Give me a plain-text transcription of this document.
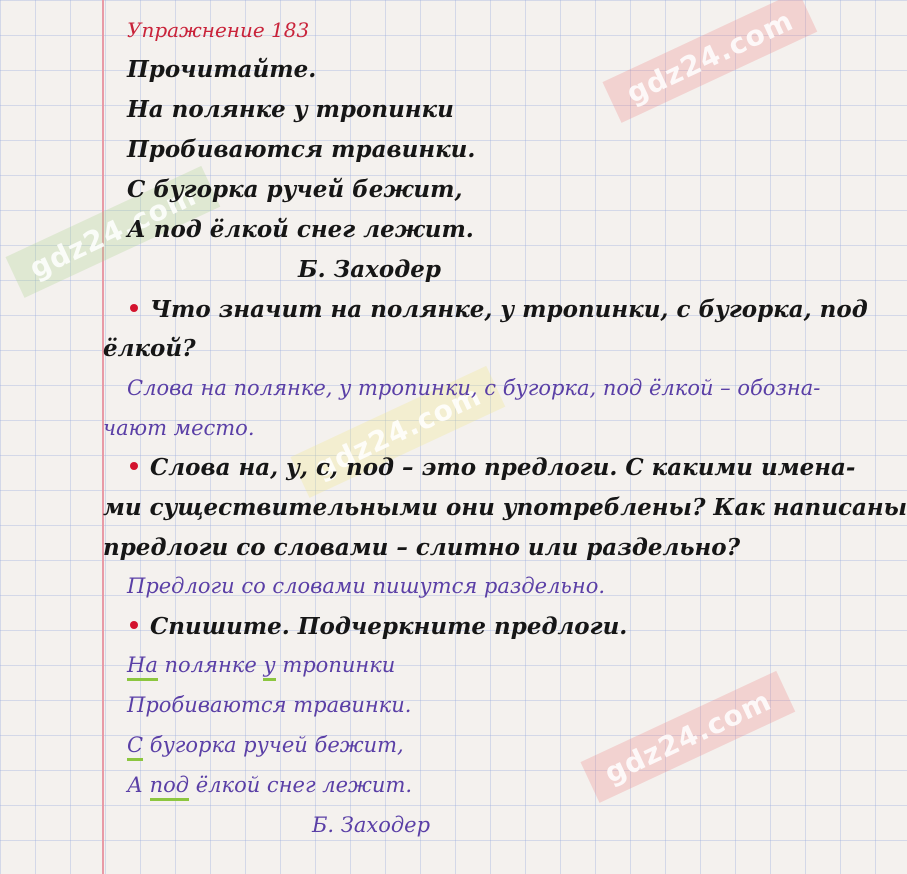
gdz24.com
gdz24.com
gdz24.com
gdz24.com
Упражнение 183
Прочитайте.
На полянке у тропинки
Пробиваются травинки.
С бугорка ручей бежит,
А под ёлкой снег лежит.
Б. Заходер
Что значит на полянке, у тропинки, с бугорка, под
ёлкой?
Слова на полянке, у тропинки, с бугорка, под ёлкой – обозна-
чают место.
Слова на, у, с, под – это предлоги. С какими имена-
ми существительными они употреблены? Как написаны
предлоги со словами – слитно или раздельно?
Предлоги со словами пишутся раздельно.
Спишите. Подчеркните предлоги.
На полянке у тропинки
Пробиваются травинки.
С бугорка ручей бежит,
А под ёлкой снег лежит.
Б. Заходер
